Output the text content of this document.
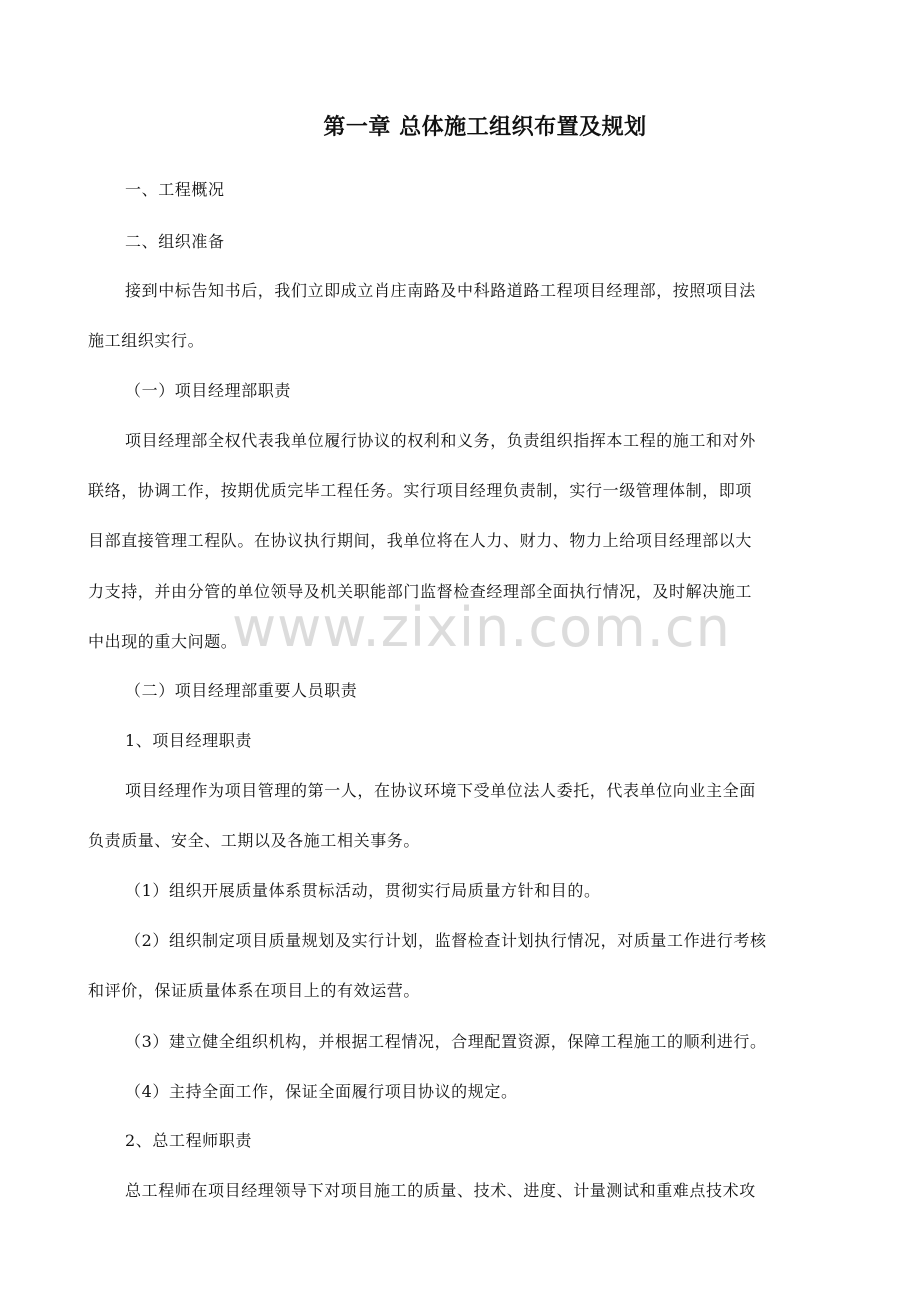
第一章 总体施工组织布置及规划
一、工程概况
二、组织准备
接到中标告知书后，我们立即成立肖庄南路及中科路道路工程项目经理部，按照项目法
施工组织实行。
（一）项目经理部职责
项目经理部全权代表我单位履行协议的权利和义务，负责组织指挥本工程的施工和对外
联络，协调工作，按期优质完毕工程任务。实行项目经理负责制，实行一级管理体制，即项
目部直接管理工程队。在协议执行期间，我单位将在人力、财力、物力上给项目经理部以大
力支持，并由分管的单位领导及机关职能部门监督检查经理部全面执行情况，及时解决施工
中出现的重大问题。
（二）项目经理部重要人员职责
1、项目经理职责
项目经理作为项目管理的第一人，在协议环境下受单位法人委托，代表单位向业主全面
负责质量、安全、工期以及各施工相关事务。
（1）组织开展质量体系贯标活动，贯彻实行局质量方针和目的。
（2）组织制定项目质量规划及实行计划，监督检查计划执行情况，对质量工作进行考核
和评价，保证质量体系在项目上的有效运营。
（3）建立健全组织机构，并根据工程情况，合理配置资源，保障工程施工的顺利进行。
（4）主持全面工作，保证全面履行项目协议的规定。
2、总工程师职责
总工程师在项目经理领导下对项目施工的质量、技术、进度、计量测试和重难点技术攻
www.zixin.com.cn
